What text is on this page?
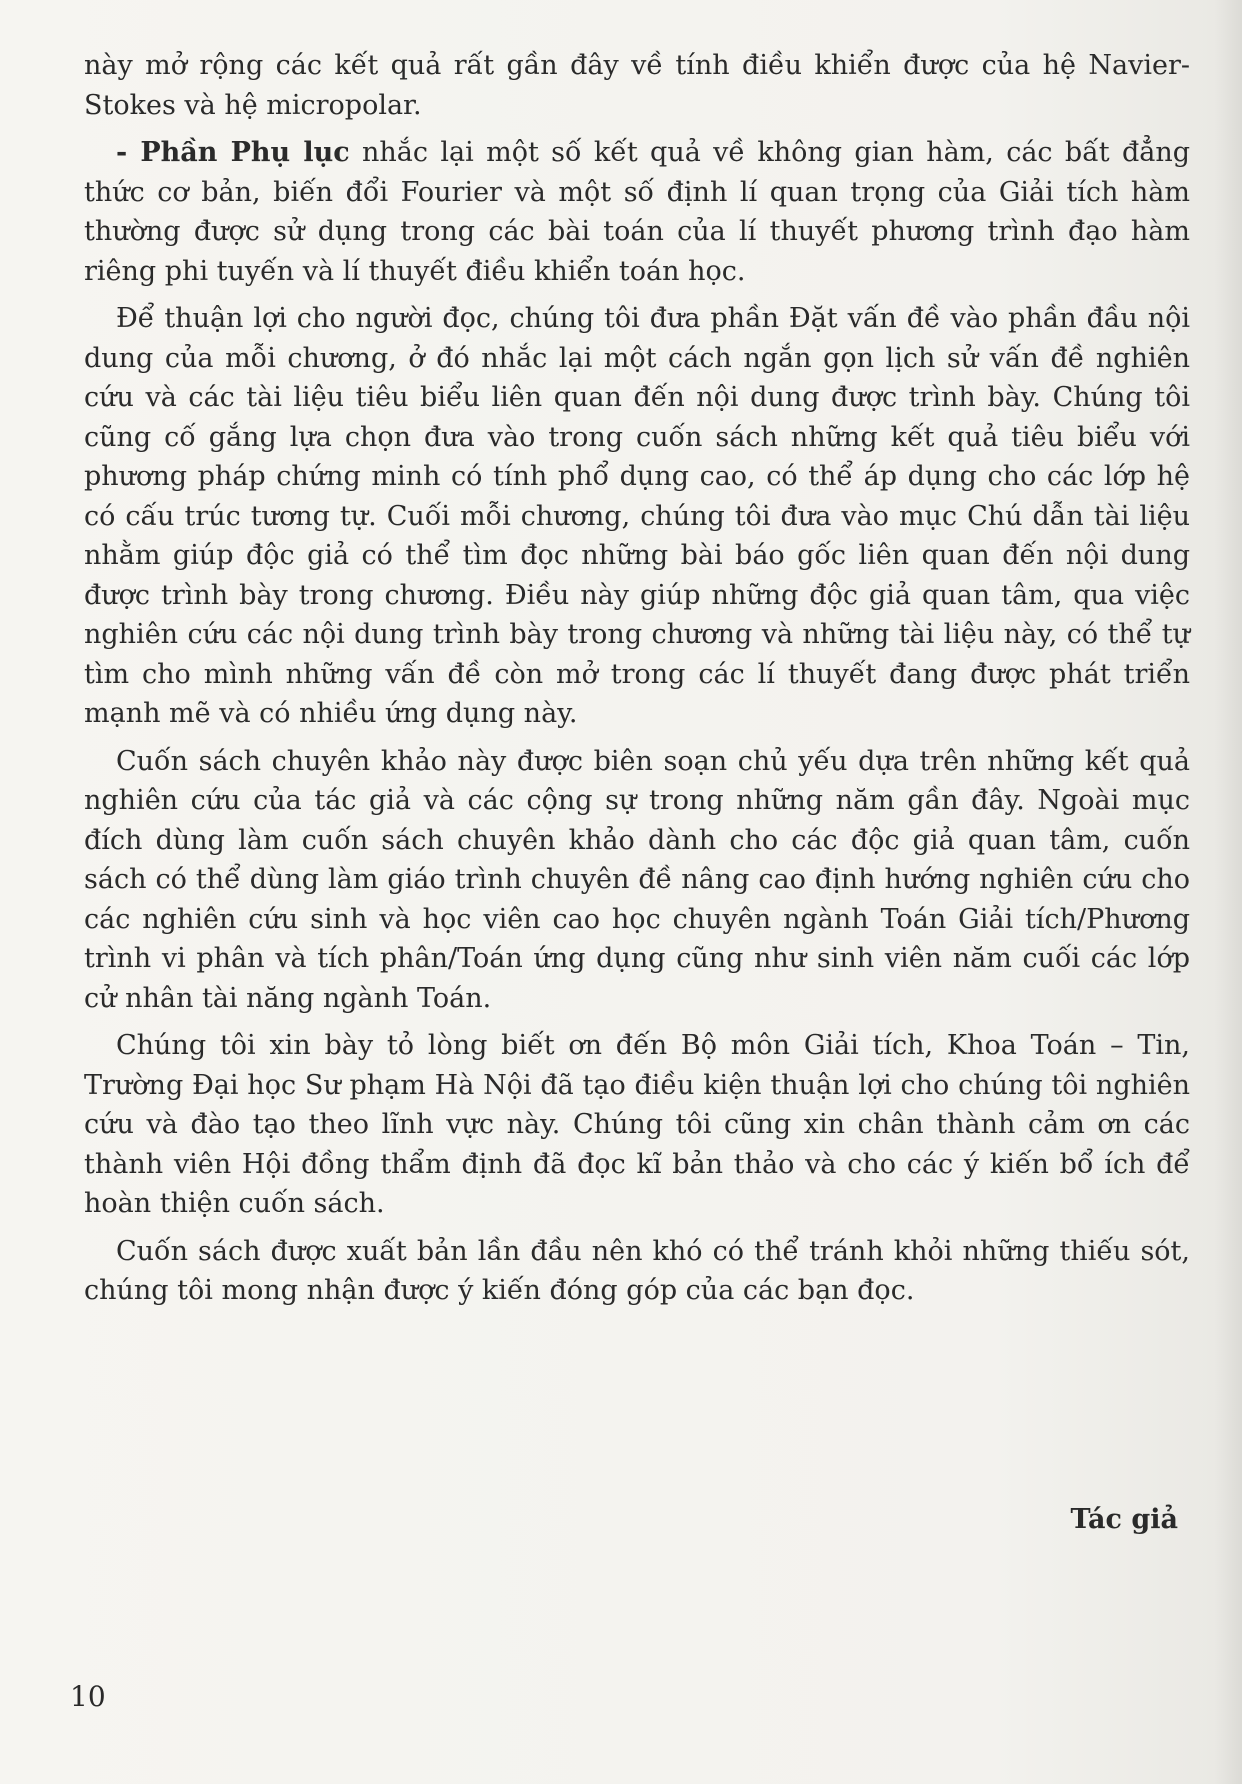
này mở rộng các kết quả rất gần đây về tính điều khiển được của hệ Navier-Stokes và hệ micropolar.

- Phần Phụ lục nhắc lại một số kết quả về không gian hàm, các bất đẳng thức cơ bản, biến đổi Fourier và một số định lí quan trọng của Giải tích hàm thường được sử dụng trong các bài toán của lí thuyết phương trình đạo hàm riêng phi tuyến và lí thuyết điều khiển toán học.

Để thuận lợi cho người đọc, chúng tôi đưa phần Đặt vấn đề vào phần đầu nội dung của mỗi chương, ở đó nhắc lại một cách ngắn gọn lịch sử vấn đề nghiên cứu và các tài liệu tiêu biểu liên quan đến nội dung được trình bày. Chúng tôi cũng cố gắng lựa chọn đưa vào trong cuốn sách những kết quả tiêu biểu với phương pháp chứng minh có tính phổ dụng cao, có thể áp dụng cho các lớp hệ có cấu trúc tương tự. Cuối mỗi chương, chúng tôi đưa vào mục Chú dẫn tài liệu nhằm giúp độc giả có thể tìm đọc những bài báo gốc liên quan đến nội dung được trình bày trong chương. Điều này giúp những độc giả quan tâm, qua việc nghiên cứu các nội dung trình bày trong chương và những tài liệu này, có thể tự tìm cho mình những vấn đề còn mở trong các lí thuyết đang được phát triển mạnh mẽ và có nhiều ứng dụng này.

Cuốn sách chuyên khảo này được biên soạn chủ yếu dựa trên những kết quả nghiên cứu của tác giả và các cộng sự trong những năm gần đây. Ngoài mục đích dùng làm cuốn sách chuyên khảo dành cho các độc giả quan tâm, cuốn sách có thể dùng làm giáo trình chuyên đề nâng cao định hướng nghiên cứu cho các nghiên cứu sinh và học viên cao học chuyên ngành Toán Giải tích/Phương trình vi phân và tích phân/Toán ứng dụng cũng như sinh viên năm cuối các lớp cử nhân tài năng ngành Toán.

Chúng tôi xin bày tỏ lòng biết ơn đến Bộ môn Giải tích, Khoa Toán – Tin, Trường Đại học Sư phạm Hà Nội đã tạo điều kiện thuận lợi cho chúng tôi nghiên cứu và đào tạo theo lĩnh vực này. Chúng tôi cũng xin chân thành cảm ơn các thành viên Hội đồng thẩm định đã đọc kĩ bản thảo và cho các ý kiến bổ ích để hoàn thiện cuốn sách.

Cuốn sách được xuất bản lần đầu nên khó có thể tránh khỏi những thiếu sót, chúng tôi mong nhận được ý kiến đóng góp của các bạn đọc.

Tác giả
10
